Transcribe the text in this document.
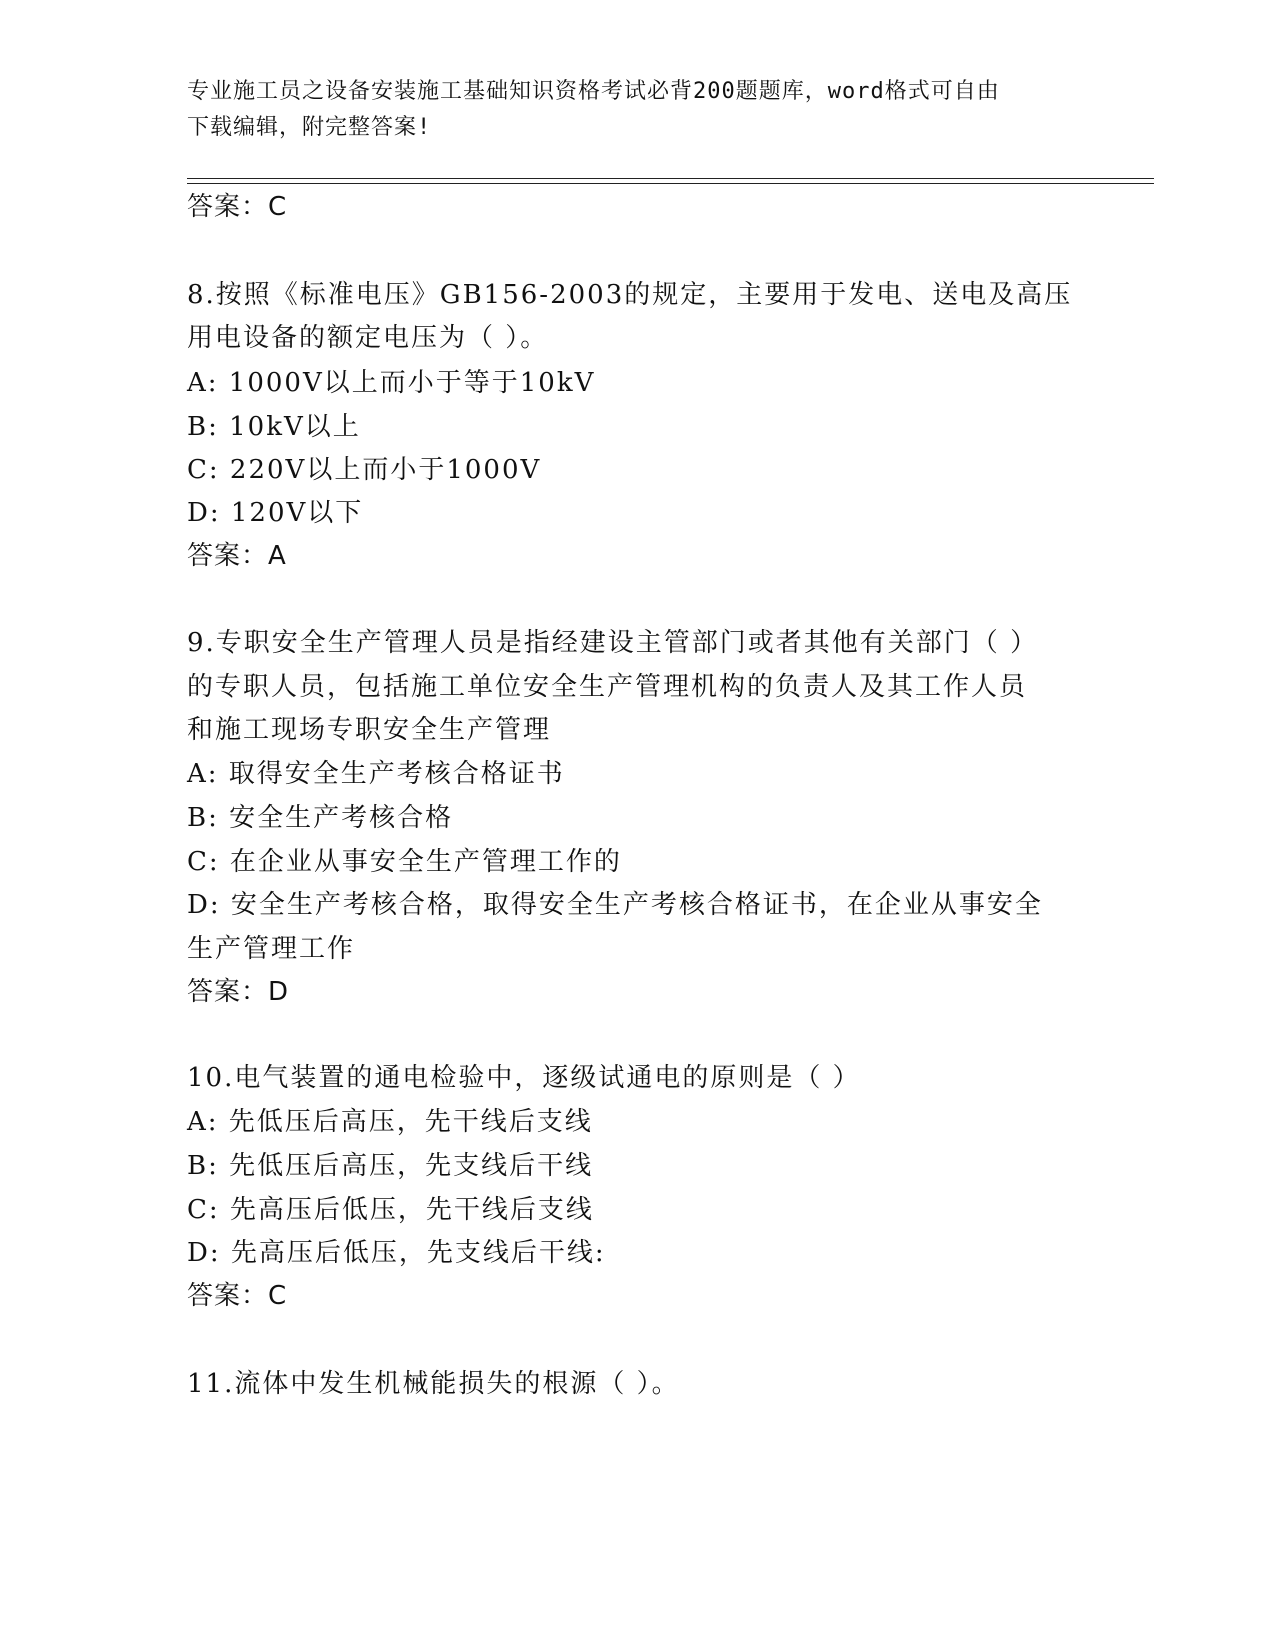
专业施工员之设备安装施工基础知识资格考试必背200题题库，word格式可自由
下载编辑，附完整答案!
答案：C
8.按照《标准电压》GB156-2003的规定，主要用于发电、送电及高压
用电设备的额定电压为（ ）。
A: 1000V以上而小于等于10kV
B: 10kV以上
C: 220V以上而小于1000V
D: 120V以下
答案：A
9.专职安全生产管理人员是指经建设主管部门或者其他有关部门（ ）
的专职人员，包括施工单位安全生产管理机构的负责人及其工作人员
和施工现场专职安全生产管理
A: 取得安全生产考核合格证书
B: 安全生产考核合格
C: 在企业从事安全生产管理工作的
D: 安全生产考核合格，取得安全生产考核合格证书，在企业从事安全
生产管理工作
答案：D
10.电气装置的通电检验中，逐级试通电的原则是（ ）
A: 先低压后高压，先干线后支线
B: 先低压后高压，先支线后干线
C: 先高压后低压，先干线后支线
D: 先高压后低压，先支线后干线:
答案：C
11.流体中发生机械能损失的根源（ ）。
